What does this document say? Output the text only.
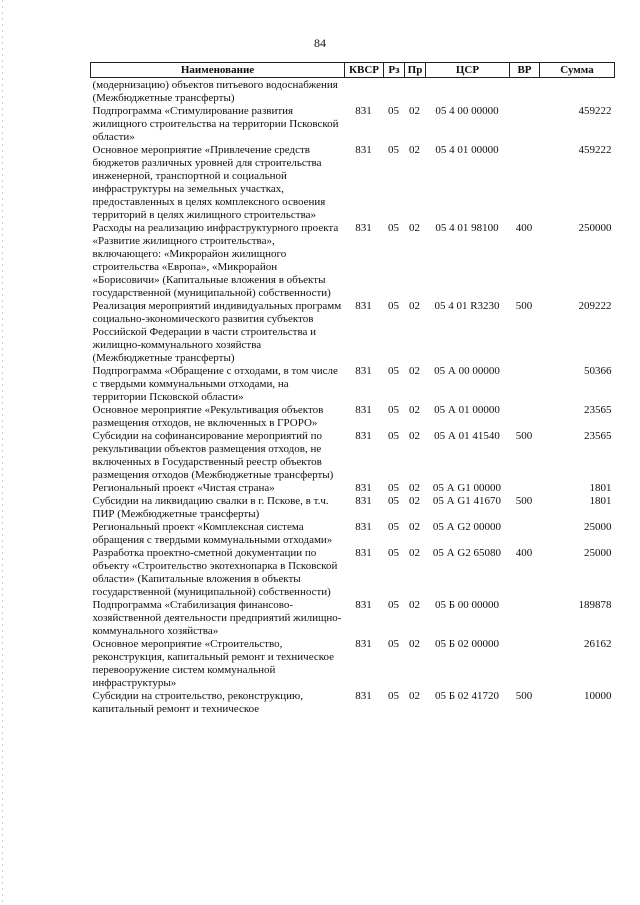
84
Наименование	КВСР	Рз	Пр	ЦСР	ВР	Сумма
(модернизацию) объектов питьевого водоснабжения (Межбюджетные трансферты)						
Подпрограмма «Стимулирование развития жилищного строительства на территории Псковской области»	831	05	02	05 4 00 00000		459222
Основное мероприятие «Привлечение средств бюджетов различных уровней для строительства инженерной, транспортной и социальной инфраструктуры на земельных участках, предоставленных в целях комплексного освоения территорий в целях жилищного строительства»	831	05	02	05 4 01 00000		459222
Расходы на реализацию инфраструктурного проекта «Развитие жилищного строительства», включающего: «Микрорайон жилищного строительства «Европа», «Микрорайон «Борисовичи» (Капитальные вложения в объекты государственной (муниципальной) собственности)	831	05	02	05 4 01 98100	400	250000
Реализация мероприятий индивидуальных программ социально-экономического развития субъектов Российской Федерации в части строительства и жилищно-коммунального хозяйства (Межбюджетные трансферты)	831	05	02	05 4 01 R3230	500	209222
Подпрограмма «Обращение с отходами, в том числе с твердыми коммунальными отходами, на территории Псковской области»	831	05	02	05 А 00 00000		50366
Основное мероприятие «Рекультивация объектов размещения отходов, не включенных в ГРОРО»	831	05	02	05 А 01 00000		23565
Субсидии на софинансирование мероприятий по рекультивации объектов размещения отходов, не включенных в Государственный реестр объектов размещения отходов (Межбюджетные трансферты)	831	05	02	05 А 01 41540	500	23565
Региональный проект «Чистая страна»	831	05	02	05 А G1 00000		1801
Субсидии на ликвидацию свалки в г. Пскове, в т.ч. ПИР (Межбюджетные трансферты)	831	05	02	05 А G1 41670	500	1801
Региональный проект «Комплексная система обращения с твердыми коммунальными отходами»	831	05	02	05 А G2 00000		25000
Разработка проектно-сметной документации по объекту «Строительство экотехнопарка в Псковской области» (Капитальные вложения в объекты государственной (муниципальной) собственности)	831	05	02	05 А G2 65080	400	25000
Подпрограмма «Стабилизация финансово-хозяйственной деятельности предприятий жилищно-коммунального хозяйства»	831	05	02	05 Б 00 00000		189878
Основное мероприятие «Строительство, реконструкция, капитальный ремонт и техническое перевооружение систем коммунальной инфраструктуры»	831	05	02	05 Б 02 00000		26162
Субсидии на строительство, реконструкцию, капитальный ремонт и техническое	831	05	02	05 Б 02 41720	500	10000
